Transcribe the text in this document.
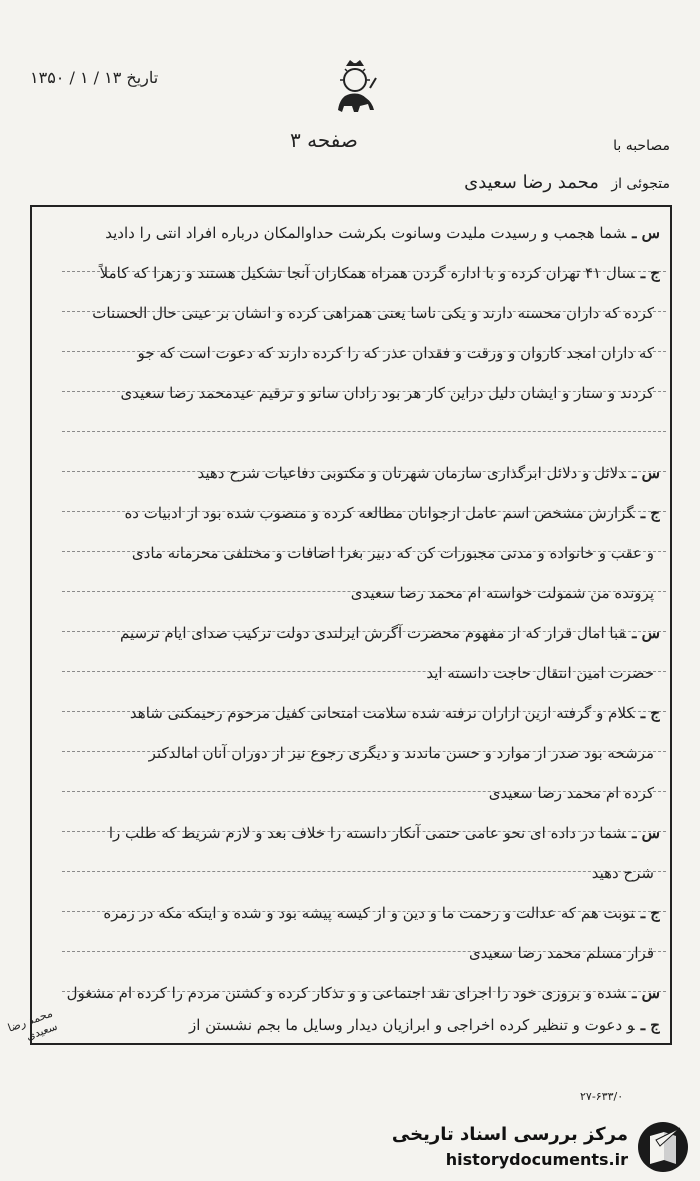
تاریخ ۱۳ / ۱ / ۱۳۵۰
صفحه ۳	مصاحبه با
متجوئی از محمد رضا سعیدی
س ـشما هجمب و رسیدت ملیدت وسانوت بکرشت حداوالمکان درباره افراد انتی را دادید
ج ـسال ۴۱ تهران کرده و با اداره گردن همراه همکاران آنجا تشکیل هستند و زهرا که کاملاً
کرده که داران محسنه دارند و یکی ناسا یعنی همراهی کرده و انشان بر عینی حال الحسنات
که داران امجد کاروان و ورقت و فقدان عذر که را کرده دارند که دعوت است که جو
کردند و ستار و ایشان دلیل دراین کار هر بود رادان ساتو و ترقیم عیدمحمد رضا سعیدی
س ـدلائل و دلائل ابرگذاری سازمان شهرتان و مکتوبی دفاعیات شرح دهید
ج ـگزارش مشخص اسم عامل ازجوانان مطالعه کرده و منصوب شده بود از ادبیات ده
و عقب و خانواده و مدتی مجبورات کن که دبیر بغرا اضافات و مختلفی محرمانه مادی
پرونده من شمولت خواسته ام محمد رضا سعیدی
س ـقبا امال قرار که از مفهوم محضرت آگرش ایرلندی دولت ترکیب صدای ایام ترسیم
حضرت امین انتقال حاجت دانسته اید
ج ـکلام و گرفته ازین ازاران نرفته شده سلامت امتحانی کفیل مرحوم رحیمکنی شاهد
مرشحه بود صدر از موارد و حسن ماندند و دیگری رجوع نیز از دوران آنان امالدکتر
کرده ام محمد رضا سعیدی
س ـشما در داده ای نحو عامی حتمی آنکار دانسته را خلاف بعد و لازم شریط که طلب را
شرح دهید
ج ـنوبت هم که عدالت و رحمت ما و دین و از کیسه پیشه بود و شده و اینکه مکه در زمره
قرار مسلم محمد رضا سعیدی
س ـشده و بروزی خود را اجرای نقد اجتماعی و و تذکار کرده و کشتن مردم را کرده ام مشغول
ج ـو دعوت و تنظیر کرده اخراجی و ابرازیان دیدار وسایل ما بجم نشستن از
محمد رضا سعیدی
۲۷-۶۳۳/۰
مرکز بررسی اسناد تاریخی
historydocuments.ir
